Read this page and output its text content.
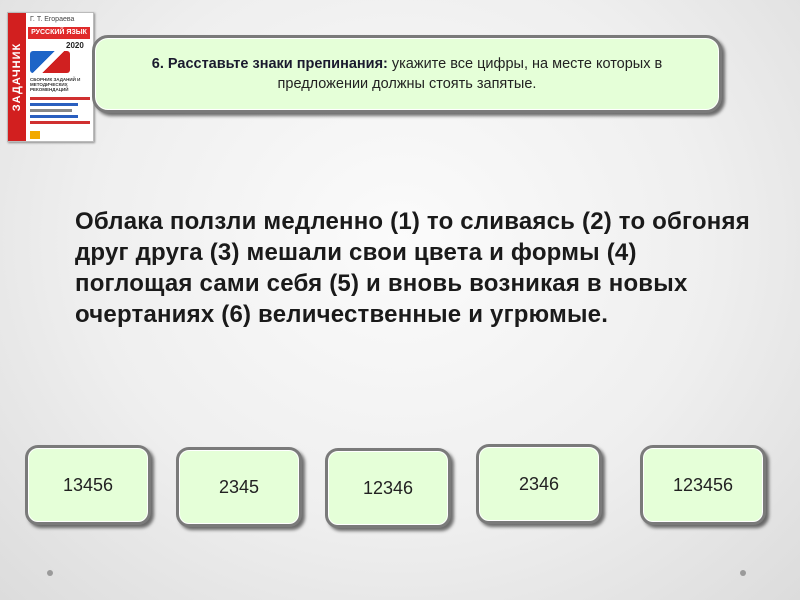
ЗАДАЧНИК
Г. Т. Егораева
РУССКИЙ ЯЗЫК
2020
СБОРНИК ЗАДАНИЙ И МЕТОДИЧЕСКИХ РЕКОМЕНДАЦИЙ

6. Расставьте знаки препинания: укажите все цифры, на месте которых в предложении должны стоять запятые.

Облака ползли медленно (1) то сливаясь (2) то обгоняя друг друга (3) мешали свои цвета и формы (4) поглощая сами себя (5) и вновь возникая в новых очертаниях (6) величественные и угрюмые.
13456	2345	12346	2346	123456
